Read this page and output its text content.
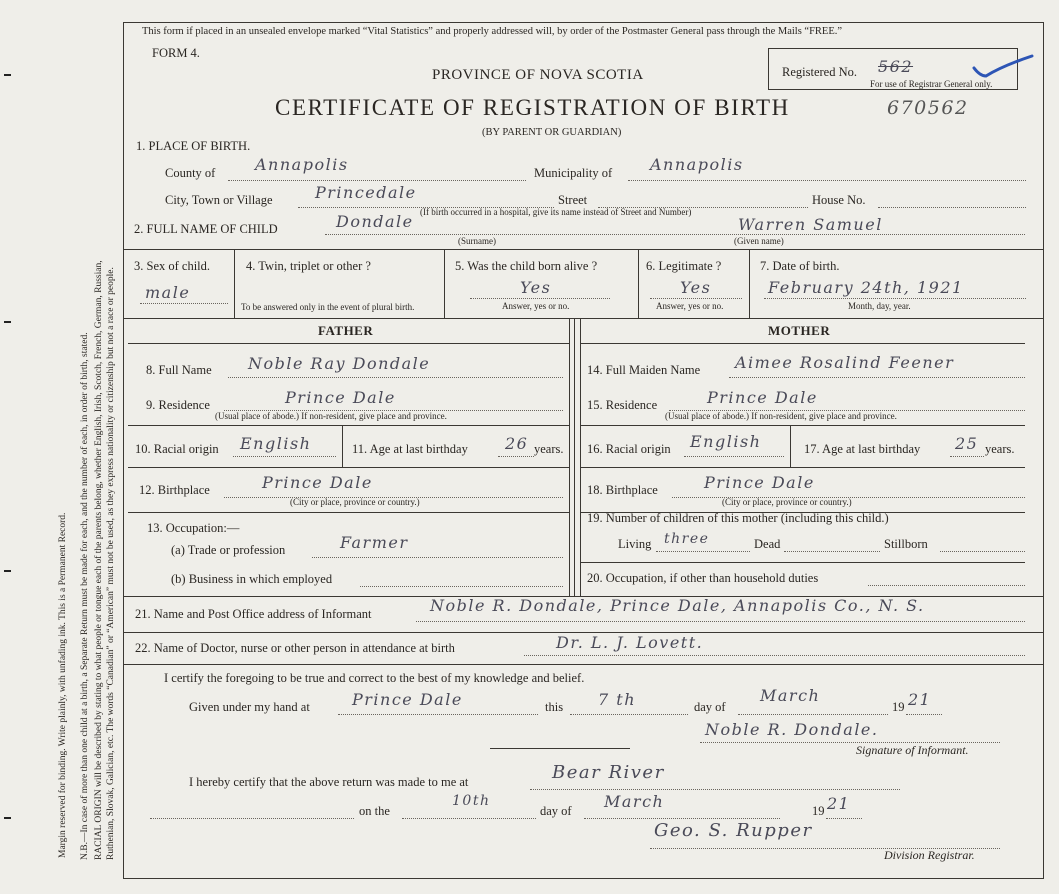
Margin reserved for binding. Write plainly, with unfading ink. This is a Permanent Record. N.B.—In case of more than one child at a birth, a Separate Return must be made for each, and the number of each, in order of birth, stated. RACIAL ORIGIN will be described by stating to what people or tongue each of the parents belong, whether English, Irish, Scotch, French, German, Russian, Ruthenian, Slovak, Galician, etc. The words “Canadian” or “American” must not be used, as they express nationality or citizenship but not a race or people.
This form if placed in an unsealed envelope marked “Vital Statistics” and properly addressed will, by order of the Postmaster General pass through the Mails “FREE.”
FORM 4.
PROVINCE OF NOVA SCOTIA	Registered No. 562
For use of Registrar General only.
CERTIFICATE OF REGISTRATION OF BIRTH	670562
(BY PARENT OR GUARDIAN)
1. PLACE OF BIRTH.
County of Annapolis	Municipality of Annapolis
City, Town or Village	Princedale	Street	House No.
(If birth occurred in a hospital, give its name instead of Street and Number)
2. FULL NAME OF CHILD	Dondale
(Surname)
Warren Samuel
(Given name)
3. Sex of child.
male
4. Twin, triplet or other ?
To be answered only in the event of plural birth.
5. Was the child born alive ?
Yes
Answer, yes or no.
6. Legitimate ?
Yes
Answer, yes or no.
7. Date of birth.
February 24th, 1921
Month, day, year.
FATHER	MOTHER
8. Full Name Noble Ray Dondale
9. Residence	Prince Dale
(Usual place of abode.) If non-resident, give place and province.
10. Racial origin English	11. Age at last birthday 26 years.
12. Birthplace	Prince Dale
(City or place, province or country.)
13. Occupation:—
(a) Trade or profession	Farmer
(b) Business in which employed
14. Full Maiden Name Aimee Rosalind Feener
15. Residence	Prince Dale
(Usual place of abode.) If non-resident, give place and province.
16. Racial origin English	17. Age at last birthday 25 years.
18. Birthplace	Prince Dale
(City or place, province or country.)
19. Number of children of this mother (including this child.)
Living three	Dead	Stillborn
20. Occupation, if other than household duties
21. Name and Post Office address of Informant	Noble R. Dondale, Prince Dale, Annapolis Co., N. S.
22. Name of Doctor, nurse or other person in attendance at birth	Dr. L. J. Lovett.
I certify the foregoing to be true and correct to the best of my knowledge and belief.
Given under my hand at	Prince Dale	this 7 th	day of
March
19 21
Noble R. Dondale.
Signature of Informant.
I hereby certify that the above return was made to me at	Bear River
on the
10th
day of March	19 21
Geo. S. Rupper
Division Registrar.
